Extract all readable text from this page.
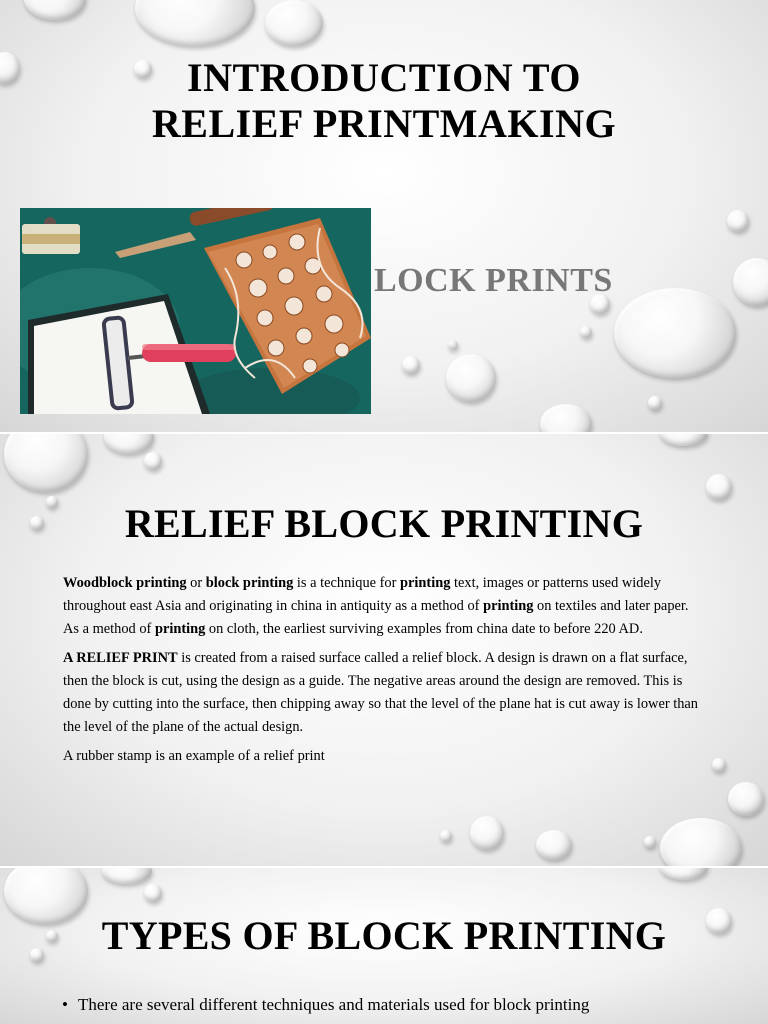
INTRODUCTION TO
RELIEF PRINTMAKING
LOCK PRINTS
RELIEF BLOCK PRINTING

Woodblock printing or block printing is a technique for printing text, images or patterns used widely throughout east Asia and originating in china in antiquity as a method of printing on textiles and later paper. As a method of printing on cloth, the earliest surviving examples from china date to before 220 AD.

A RELIEF PRINT is created from a raised surface called a relief block. A design is drawn on a flat surface, then the block is cut, using the design as a guide. The negative areas around the design are removed. This is done by cutting into the surface, then chipping away so that the level of the plane hat is cut away is lower than the level of the plane of the actual design.

A rubber stamp is an example of a relief print

TYPES OF BLOCK PRINTING
• There are several different techniques and materials used for block printing
